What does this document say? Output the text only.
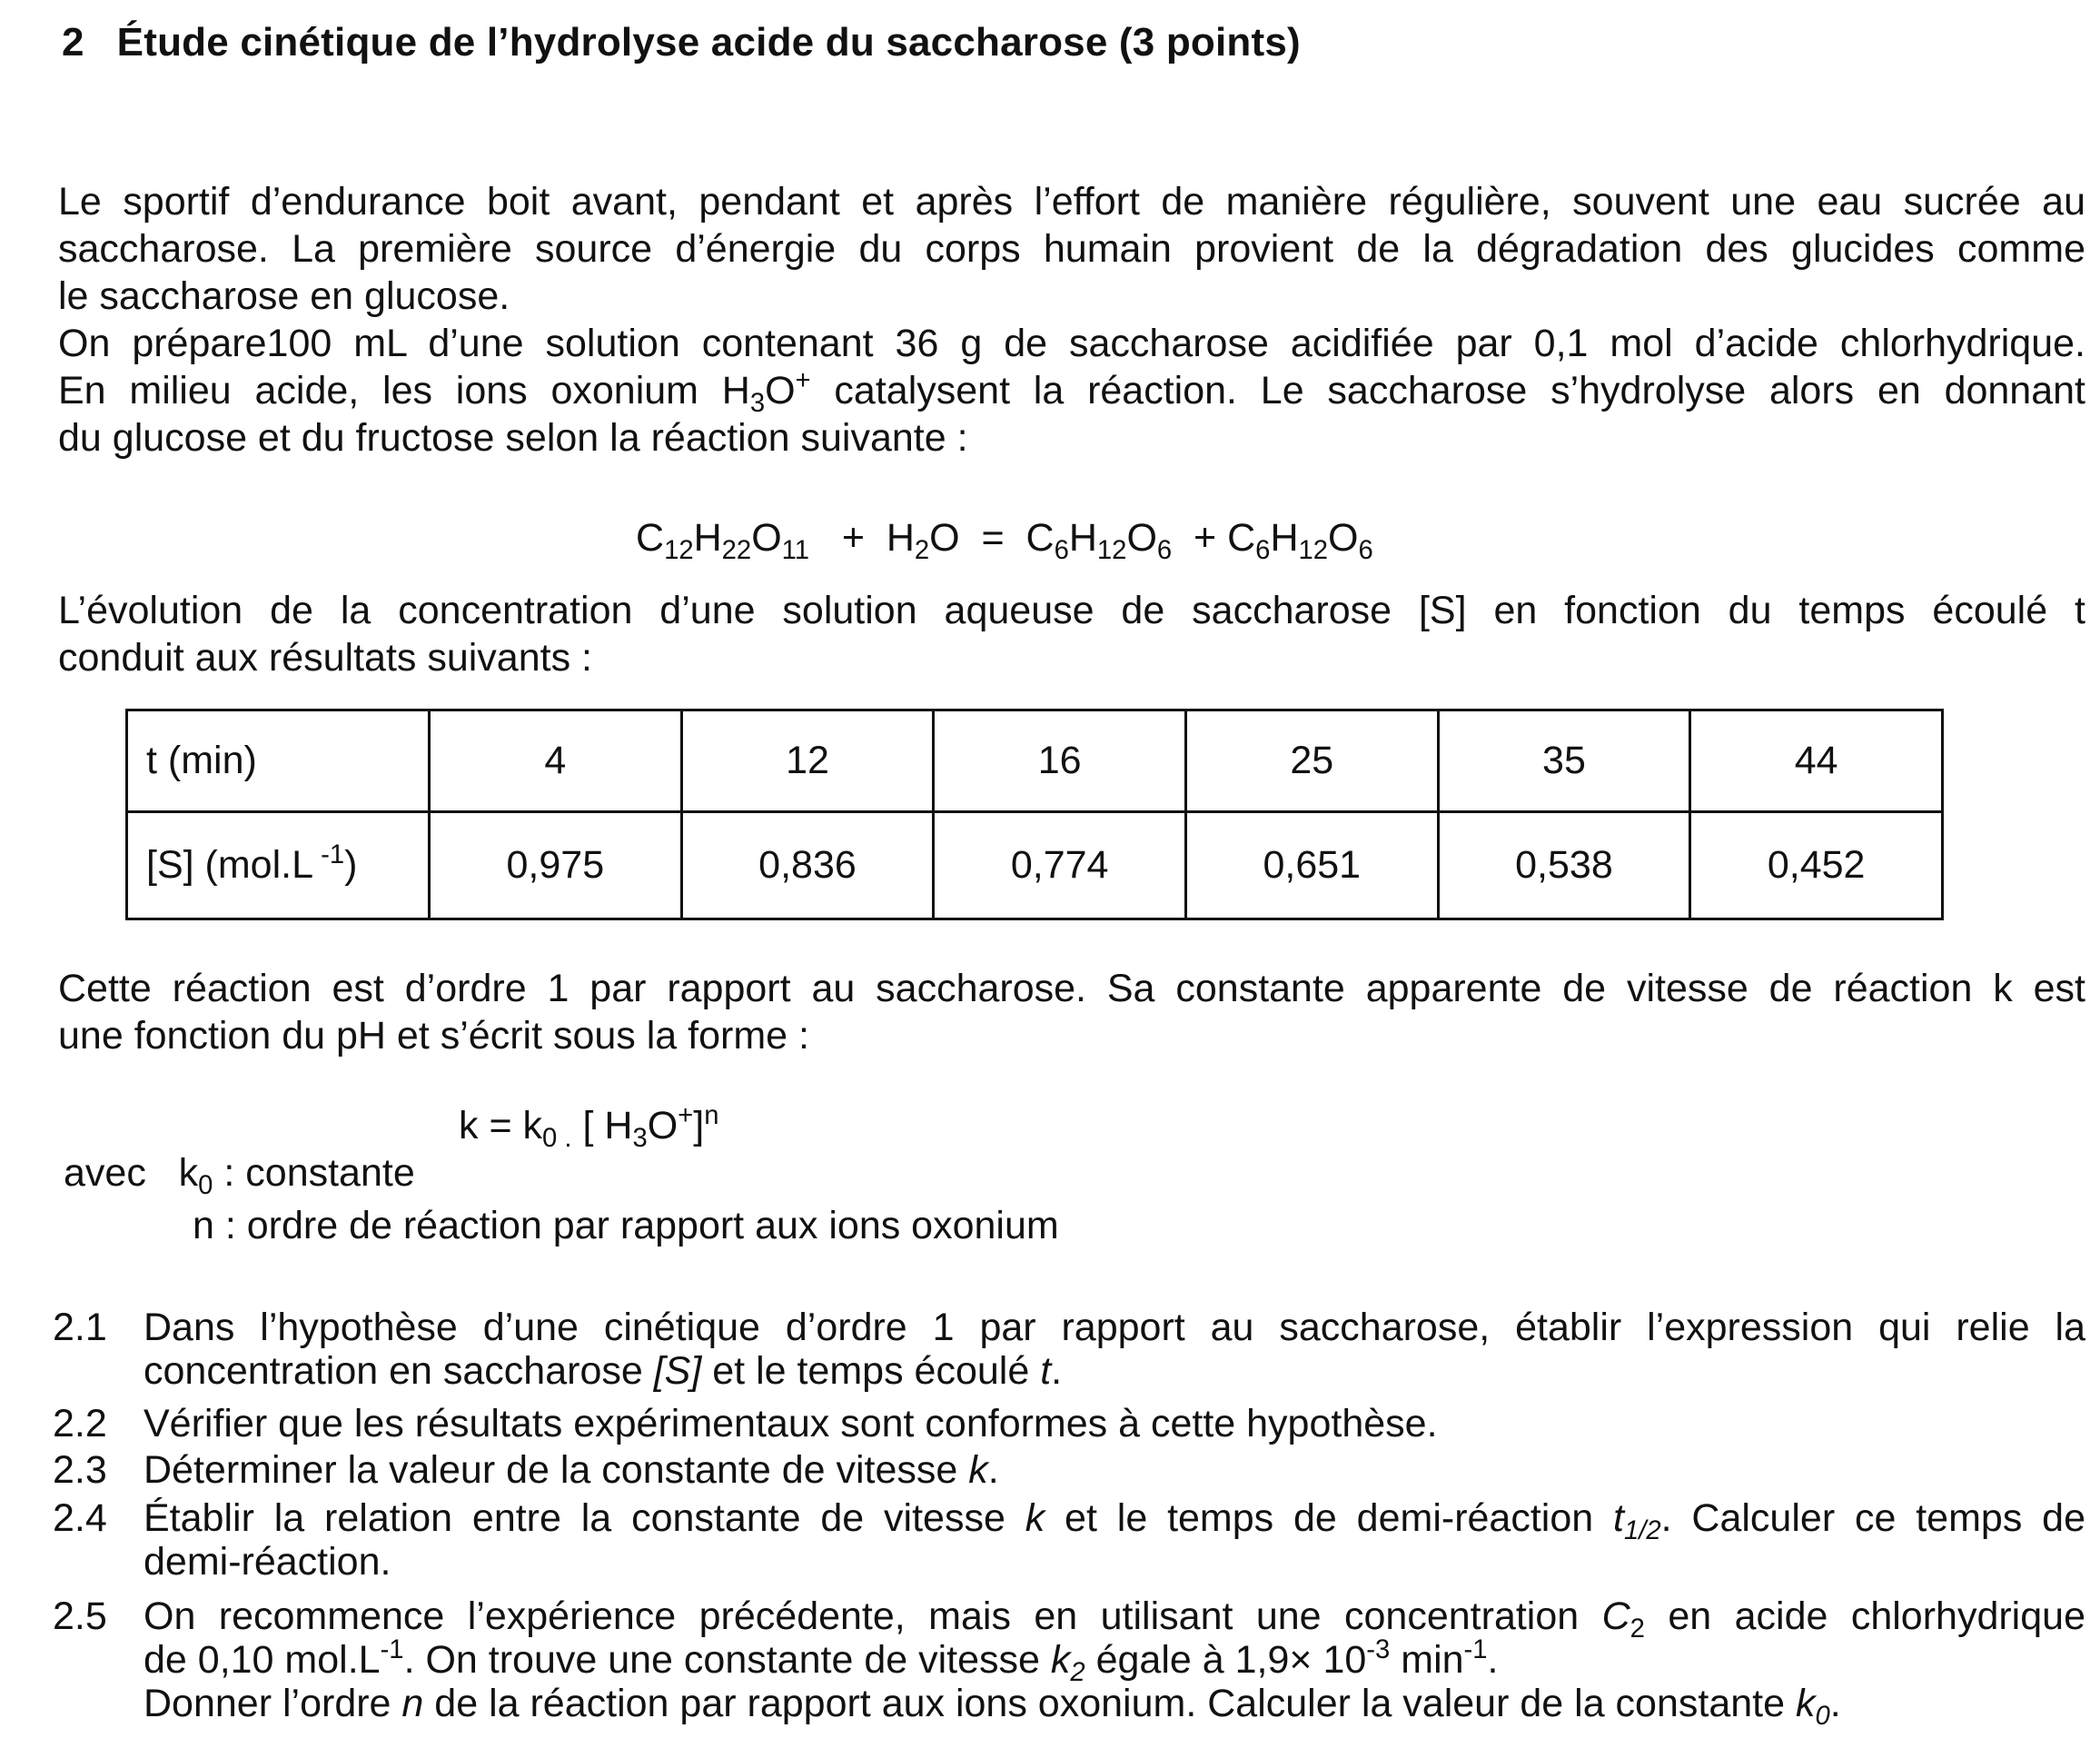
2 Étude cinétique de l’hydrolyse acide du saccharose (3 points)
Le sportif d’endurance boit avant, pendant et après l’effort de manière régulière, souvent une eau sucrée au
saccharose. La première source d’énergie du corps humain provient de la dégradation des glucides comme
le saccharose en glucose.
On prépare100 mL d’une solution contenant 36 g de saccharose acidifiée par 0,1 mol d’acide chlorhydrique.
En milieu acide, les ions oxonium $H_3O^+$ catalysent la réaction. Le saccharose s’hydrolyse alors en donnant
du glucose et du fructose selon la réaction suivante :
$C_{12}H_{22}O_{11} + H_2O = C_6H_{12}O_6 + C_6H_{12}O_6$
L’évolution de la concentration d’une solution aqueuse de saccharose [S] en fonction du temps écoulé t
conduit aux résultats suivants :
t (min)	4	12	16	25	35	44
[S] (mol.L $^{-1}$)	0,975	0,836	0,774	0,651	0,538	0,452
Cette réaction est d’ordre 1 par rapport au saccharose. Sa constante apparente de vitesse de réaction k est
une fonction du pH et s’écrit sous la forme :
$k = k_{0 .}$ [ $H_3O^+]^n$
avec   $k_0$ : constante
n : ordre de réaction par rapport aux ions oxonium
2.1 Dans l’hypothèse d’une cinétique d’ordre 1 par rapport au saccharose, établir l’expression qui relie la
concentration en saccharose [S] et le temps écoulé t.
2.2 Vérifier que les résultats expérimentaux sont conformes à cette hypothèse.
2.3 Déterminer la valeur de la constante de vitesse k.
2.4 Établir la relation entre la constante de vitesse k et le temps de demi-réaction $t_{1/2}$. Calculer ce temps de
demi-réaction.
2.5 On recommence l’expérience précédente, mais en utilisant une concentration $C_2$ en acide chlorhydrique
de 0,10 $mol.L^{-1}$. On trouve une constante de vitesse $k_2$ égale à $1,9\times 10^{-3}$ $\min^{-1}$.
Donner l’ordre n de la réaction par rapport aux ions oxonium. Calculer la valeur de la constante $k_0$.
